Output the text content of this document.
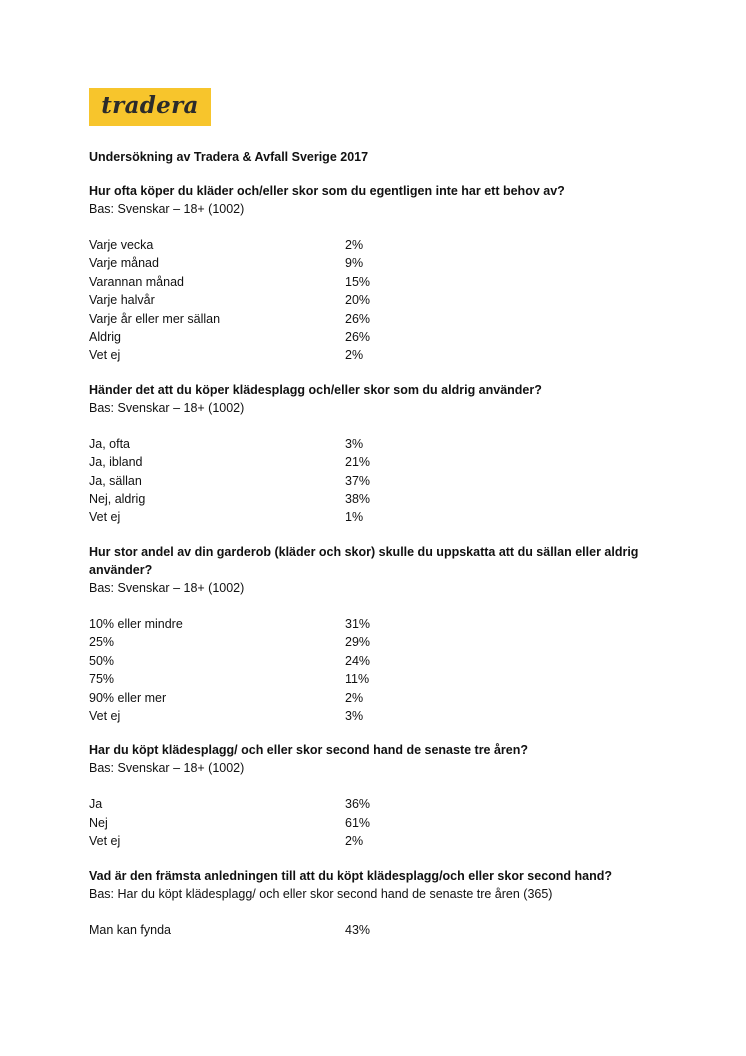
tradera
Undersökning av Tradera & Avfall Sverige 2017
Hur ofta köper du kläder och/eller skor som du egentligen inte har ett behov av?
Bas: Svenskar – 18+ (1002)
Varje vecka	2%
Varje månad	9%
Varannan månad	15%
Varje halvår	20%
Varje år eller mer sällan	26%
Aldrig	26%
Vet ej	2%
Händer det att du köper klädesplagg och/eller skor som du aldrig använder?
Bas: Svenskar – 18+ (1002)
Ja, ofta	3%
Ja, ibland	21%
Ja, sällan	37%
Nej, aldrig	38%
Vet ej	1%
Hur stor andel av din garderob (kläder och skor) skulle du uppskatta att du sällan eller aldrig använder?
Bas: Svenskar – 18+ (1002)
10% eller mindre	31%
25%	29%
50%	24%
75%	11%
90% eller mer	2%
Vet ej	3%
Har du köpt klädesplagg/ och eller skor second hand de senaste tre åren?
Bas: Svenskar – 18+ (1002)
Ja	36%
Nej	61%
Vet ej	2%
Vad är den främsta anledningen till att du köpt klädesplagg/och eller skor second hand?
Bas: Har du köpt klädesplagg/ och eller skor second hand de senaste tre åren (365)
Man kan fynda	43%
